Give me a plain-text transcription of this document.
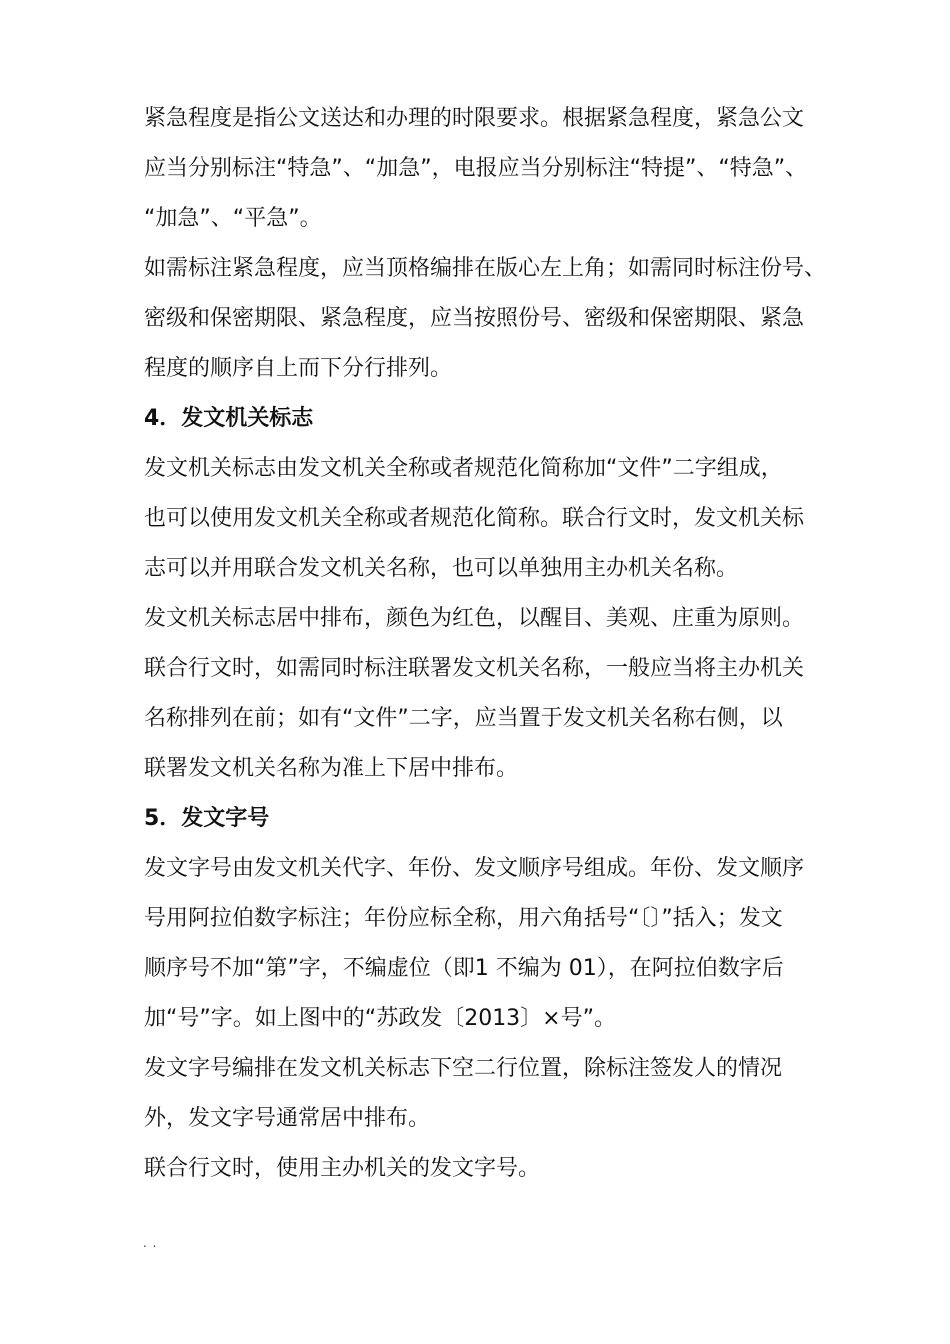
紧急程度是指公文送达和办理的时限要求。根据紧急程度，紧急公文
应当分别标注“特急”、“加急”，电报应当分别标注“特提”、“特急”、
“加急”、“平急”。
如需标注紧急程度，应当顶格编排在版心左上角；如需同时标注份号、
密级和保密期限、紧急程度，应当按照份号、密级和保密期限、紧急
程度的顺序自上而下分行排列。
4．发文机关标志
发文机关标志由发文机关全称或者规范化简称加“文件”二字组成，
也可以使用发文机关全称或者规范化简称。联合行文时，发文机关标
志可以并用联合发文机关名称，也可以单独用主办机关名称。
发文机关标志居中排布，颜色为红色，以醒目、美观、庄重为原则。
联合行文时，如需同时标注联署发文机关名称，一般应当将主办机关
名称排列在前；如有“文件”二字，应当置于发文机关名称右侧，以
联署发文机关名称为准上下居中排布。
5．发文字号
发文字号由发文机关代字、年份、发文顺序号组成。年份、发文顺序
号用阿拉伯数字标注；年份应标全称，用六角括号“〔〕”括入；发文
顺序号不加“第”字，不编虚位（即1 不编为 01），在阿拉伯数字后
加“号”字。如上图中的“苏政发〔2013〕×号”。
发文字号编排在发文机关标志下空二行位置，除标注签发人的情况
外，发文字号通常居中排布。
联合行文时，使用主办机关的发文字号。
. .
